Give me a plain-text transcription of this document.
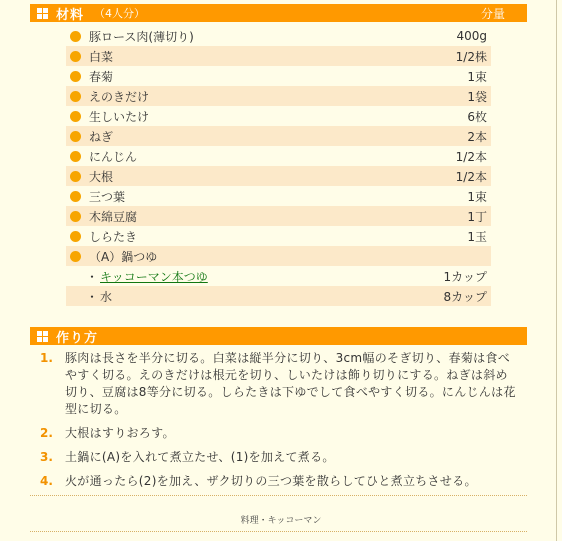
材料 （4人分）	分量
豚ロース肉(薄切り)	400g
白菜	1/2株
春菊	1束
えのきだけ	1袋
生しいたけ	6枚
ねぎ	2本
にんじん	1/2本
大根	1/2本
三つ葉	1束
木綿豆腐	1丁
しらたき	1玉
（A）鍋つゆ
・ キッコーマン本つゆ	1カップ
・ 水	8カップ
作り方
1.	豚肉は長さを半分に切る。白菜は縦半分に切り、3cm幅のそぎ切り、春菊は食べやすく切る。えのきだけは根元を切り、しいたけは飾り切りにする。ねぎは斜め切り、豆腐は8等分に切る。しらたきは下ゆでして食べやすく切る。にんじんは花型に切る。
2.	大根はすりおろす。
3.	土鍋に(A)を入れて煮立たせ、(1)を加えて煮る。
4.	火が通ったら(2)を加え、ザク切りの三つ葉を散らしてひと煮立ちさせる。
料理・キッコーマン
